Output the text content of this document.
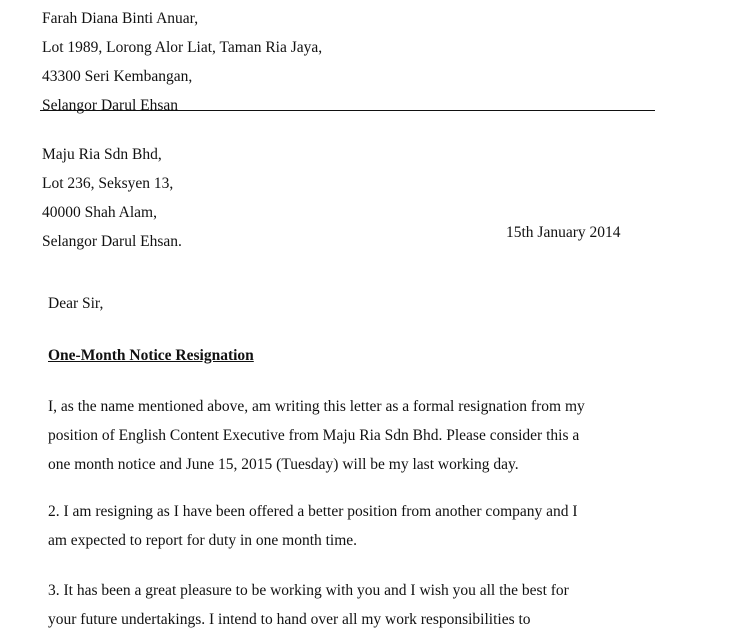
Farah Diana Binti Anuar,
Lot 1989, Lorong Alor Liat, Taman Ria Jaya,
43300 Seri Kembangan,
Selangor Darul Ehsan
Maju Ria Sdn Bhd,
Lot 236, Seksyen 13,
40000 Shah Alam,
Selangor Darul Ehsan.
15th January 2014
Dear Sir,
One-Month Notice Resignation
I, as the name mentioned above, am writing this letter as a formal resignation from my
position of English Content Executive from Maju Ria Sdn Bhd. Please consider this a
one month notice and June 15, 2015 (Tuesday) will be my last working day.
2. I am resigning as I have been offered a better position from another company and I
am expected to report for duty in one month time.
3. It has been a great pleasure to be working with you and I wish you all the best for
your future undertakings. I intend to hand over all my work responsibilities to
